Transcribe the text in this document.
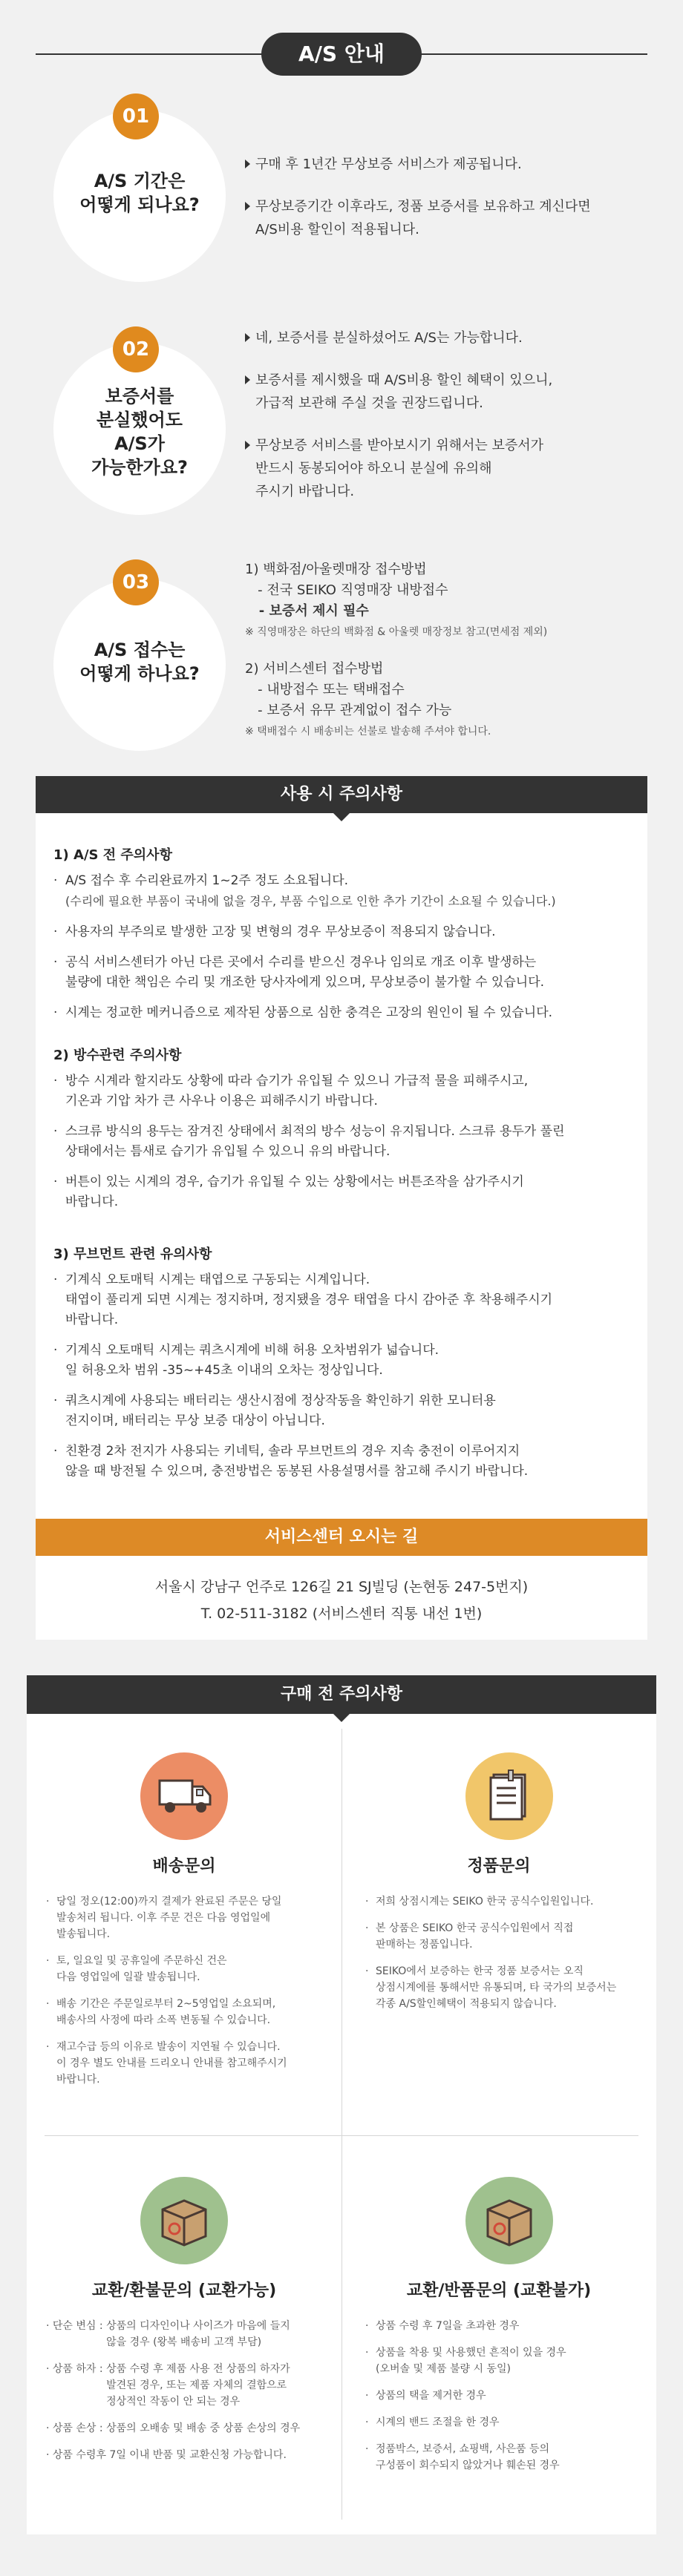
A/S 안내
01
A/S 기간은
어떻게 되나요?
구매 후 1년간 무상보증 서비스가 제공됩니다.
무상보증기간 이후라도, 정품 보증서를 보유하고 계신다면
A/S비용 할인이 적용됩니다.
02
보증서를
분실했어도
A/S가
가능한가요?
네, 보증서를 분실하셨어도 A/S는 가능합니다.
보증서를 제시했을 때 A/S비용 할인 혜택이 있으니,
가급적 보관해 주실 것을 권장드립니다.
무상보증 서비스를 받아보시기 위해서는 보증서가
반드시 동봉되어야 하오니 분실에 유의해
주시기 바랍니다.
03
A/S 접수는
어떻게 하나요?
1) 백화점/아울렛매장 접수방법
- 전국 SEIKO 직영매장 내방접수
- 보증서 제시 필수
※ 직영매장은 하단의 백화점 & 아울렛 매장정보 참고(면세점 제외)
2) 서비스센터 접수방법
- 내방접수 또는 택배접수
- 보증서 유무 관계없이 접수 가능
※ 택배접수 시 배송비는 선불로 발송해 주셔야 합니다.
사용 시 주의사항
1) A/S 전 주의사항
· A/S 접수 후 수리완료까지 1~2주 정도 소요됩니다.
(수리에 필요한 부품이 국내에 없을 경우, 부품 수입으로 인한 추가 기간이 소요될 수 있습니다.)
· 사용자의 부주의로 발생한 고장 및 변형의 경우 무상보증이 적용되지 않습니다.
· 공식 서비스센터가 아닌 다른 곳에서 수리를 받으신 경우나 임의로 개조 이후 발생하는
불량에 대한 책임은 수리 및 개조한 당사자에게 있으며, 무상보증이 불가할 수 있습니다.
· 시계는 정교한 메커니즘으로 제작된 상품으로 심한 충격은 고장의 원인이 될 수 있습니다.
2) 방수관련 주의사항
· 방수 시계라 할지라도 상황에 따라 습기가 유입될 수 있으니 가급적 물을 피해주시고,
기온과 기압 차가 큰 사우나 이용은 피해주시기 바랍니다.
· 스크류 방식의 용두는 잠겨진 상태에서 최적의 방수 성능이 유지됩니다. 스크류 용두가 풀린
상태에서는 틈새로 습기가 유입될 수 있으니 유의 바랍니다.
· 버튼이 있는 시계의 경우, 습기가 유입될 수 있는 상황에서는 버튼조작을 삼가주시기
바랍니다.
3) 무브먼트 관련 유의사항
· 기계식 오토매틱 시계는 태엽으로 구동되는 시계입니다.
태엽이 풀리게 되면 시계는 정지하며, 정지됐을 경우 태엽을 다시 감아준 후 착용해주시기
바랍니다.
· 기계식 오토매틱 시계는 쿼츠시계에 비해 허용 오차범위가 넓습니다.
일 허용오차 범위 -35~+45초 이내의 오차는 정상입니다.
· 쿼츠시계에 사용되는 배터리는 생산시점에 정상작동을 확인하기 위한 모니터용
전지이며, 배터리는 무상 보증 대상이 아닙니다.
· 친환경 2차 전지가 사용되는 키네틱, 솔라 무브먼트의 경우 지속 충전이 이루어지지
않을 때 방전될 수 있으며, 충전방법은 동봉된 사용설명서를 참고해 주시기 바랍니다.
서비스센터 오시는 길
서울시 강남구 언주로 126길 21 SJ빌딩 (논현동 247-5번지)
T. 02-511-3182 (서비스센터 직통 내선 1번)
구매 전 주의사항
배송문의
· 당일 정오(12:00)까지 결제가 완료된 주문은 당일
발송처리 됩니다. 이후 주문 건은 다음 영업일에
발송됩니다.
· 토, 일요일 및 공휴일에 주문하신 건은
다음 영업일에 일괄 발송됩니다.
· 배송 기간은 주문일로부터 2~5영업일 소요되며,
배송사의 사정에 따라 소폭 변동될 수 있습니다.
· 재고수급 등의 이유로 발송이 지연될 수 있습니다.
이 경우 별도 안내를 드리오니 안내를 참고해주시기
바랍니다.
정품문의
· 저희 상점시계는 SEIKO 한국 공식수입원입니다.
· 본 상품은 SEIKO 한국 공식수입원에서 직접
판매하는 정품입니다.
· SEIKO에서 보증하는 한국 정품 보증서는 오직
상점시계에를 통해서만 유통되며, 타 국가의 보증서는
각종 A/S할인혜택이 적용되지 않습니다.
교환/환불문의 (교환가능)
· 단순 변심 : 상품의 디자인이나 사이즈가 마음에 들지
않을 경우 (왕복 배송비 고객 부담)
· 상품 하자 : 상품 수령 후 제품 사용 전 상품의 하자가
발견된 경우, 또는 제품 자체의 결함으로
정상적인 작동이 안 되는 경우
· 상품 손상 : 상품의 오배송 및 배송 중 상품 손상의 경우
· 상품 수령후 7일 이내 반품 및 교환신청 가능합니다.
교환/반품문의 (교환불가)
· 상품 수령 후 7일을 초과한 경우
· 상품을 착용 및 사용했던 흔적이 있을 경우
(오버솔 및 제품 불량 시 동일)
· 상품의 택을 제거한 경우
· 시계의 밴드 조절을 한 경우
· 정품박스, 보증서, 쇼핑백, 사은품 등의
구성품이 회수되지 않았거나 훼손된 경우
